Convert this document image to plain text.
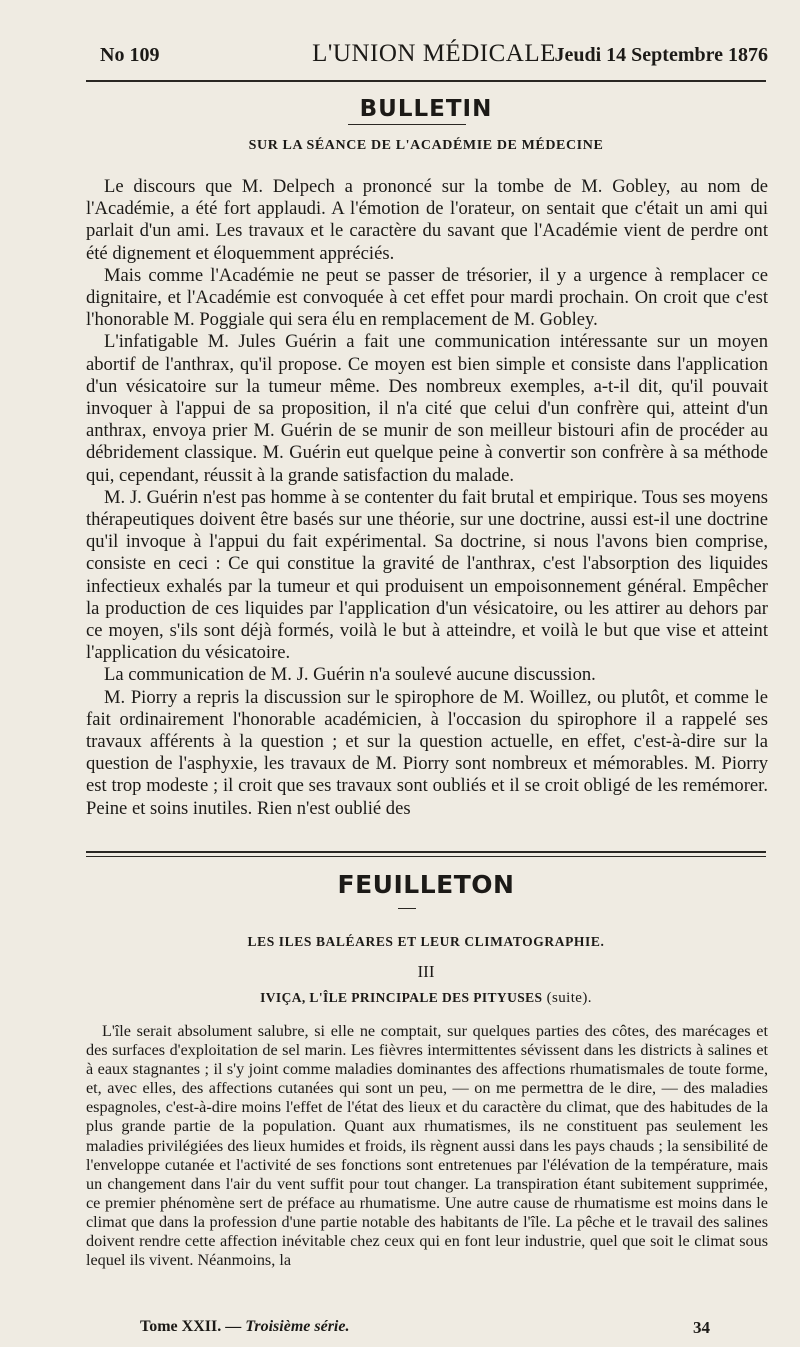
No 109	L'UNION MÉDICALE
Jeudi 14 Septembre 1876
BULLETIN
SUR LA SÉANCE DE L'ACADÉMIE DE MÉDECINE

Le discours que M. Delpech a prononcé sur la tombe de M. Gobley, au nom de l'Académie, a été fort applaudi. A l'émotion de l'orateur, on sentait que c'était un ami qui parlait d'un ami. Les travaux et le caractère du savant que l'Académie vient de perdre ont été dignement et éloquemment appréciés.

Mais comme l'Académie ne peut se passer de trésorier, il y a urgence à remplacer ce dignitaire, et l'Académie est convoquée à cet effet pour mardi prochain. On croit que c'est l'honorable M. Poggiale qui sera élu en remplacement de M. Gobley.

L'infatigable M. Jules Guérin a fait une communication intéressante sur un moyen abortif de l'anthrax, qu'il propose. Ce moyen est bien simple et consiste dans l'application d'un vésicatoire sur la tumeur même. Des nombreux exemples, a-t-il dit, qu'il pouvait invoquer à l'appui de sa proposition, il n'a cité que celui d'un confrère qui, atteint d'un anthrax, envoya prier M. Guérin de se munir de son meilleur bistouri afin de procéder au débridement classique. M. Guérin eut quelque peine à convertir son confrère à sa méthode qui, cependant, réussit à la grande satisfaction du malade.

M. J. Guérin n'est pas homme à se contenter du fait brutal et empirique. Tous ses moyens thérapeutiques doivent être basés sur une théorie, sur une doctrine, aussi est-il une doctrine qu'il invoque à l'appui du fait expérimental. Sa doctrine, si nous l'avons bien comprise, consiste en ceci : Ce qui constitue la gravité de l'anthrax, c'est l'absorption des liquides infectieux exhalés par la tumeur et qui produisent un empoisonnement général. Empêcher la production de ces liquides par l'application d'un vésicatoire, ou les attirer au dehors par ce moyen, s'ils sont déjà formés, voilà le but à atteindre, et voilà le but que vise et atteint l'application du vésicatoire.

La communication de M. J. Guérin n'a soulevé aucune discussion.

M. Piorry a repris la discussion sur le spirophore de M. Woillez, ou plutôt, et comme le fait ordinairement l'honorable académicien, à l'occasion du spirophore il a rappelé ses travaux afférents à la question ; et sur la question actuelle, en effet, c'est-à-dire sur la question de l'asphyxie, les travaux de M. Piorry sont nombreux et mémorables. M. Piorry est trop modeste ; il croit que ses travaux sont oubliés et il se croit obligé de les remémorer. Peine et soins inutiles. Rien n'est oublié des

FEUILLETON
LES ILES BALÉARES ET LEUR CLIMATOGRAPHIE.
III
IVIÇA, L'ÎLE PRINCIPALE DES PITYUSES (suite).

L'île serait absolument salubre, si elle ne comptait, sur quelques parties des côtes, des marécages et des surfaces d'exploitation de sel marin. Les fièvres intermittentes sévissent dans les districts à salines et à eaux stagnantes ; il s'y joint comme maladies dominantes des affections rhumatismales de toute forme, et, avec elles, des affections cutanées qui sont un peu, — on me permettra de le dire, — des maladies espagnoles, c'est-à-dire moins l'effet de l'état des lieux et du caractère du climat, que des habitudes de la plus grande partie de la population. Quant aux rhumatismes, ils ne constituent pas seulement les maladies privilégiées des lieux humides et froids, ils règnent aussi dans les pays chauds ; la sensibilité de l'enveloppe cutanée et l'activité de ses fonctions sont entretenues par l'élévation de la température, mais un changement dans l'air du vent suffit pour tout changer. La transpiration étant subitement supprimée, ce premier phénomène sert de préface au rhumatisme. Une autre cause de rhumatisme est moins dans le climat que dans la profession d'une partie notable des habitants de l'île. La pêche et le travail des salines doivent rendre cette affection inévitable chez ceux qui en font leur industrie, quel que soit le climat sous lequel ils vivent. Néanmoins, la

Tome XXII. — Troisième série.	34
